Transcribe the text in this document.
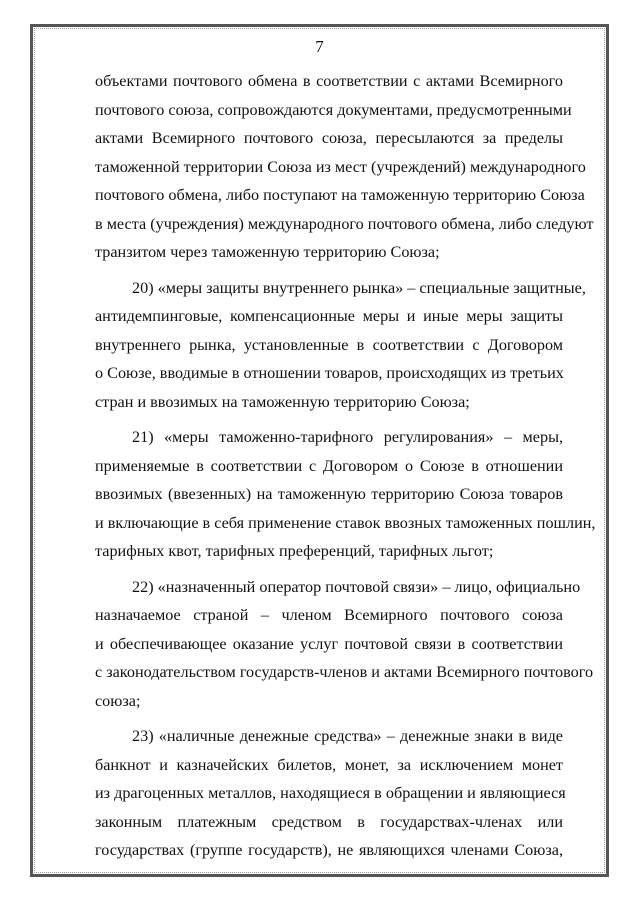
7
объектами почтового обмена в соответствии с актами Всемирного
почтового союза, сопровождаются документами, предусмотренными
актами Всемирного почтового союза, пересылаются за пределы
таможенной территории Союза из мест (учреждений) международного
почтового обмена, либо поступают на таможенную территорию Союза
в места (учреждения) международного почтового обмена, либо следуют
транзитом через таможенную территорию Союза;
20) «меры защиты внутреннего рынка» – специальные защитные,
антидемпинговые, компенсационные меры и иные меры защиты
внутреннего рынка, установленные в соответствии с Договором
о Союзе, вводимые в отношении товаров, происходящих из третьих
стран и ввозимых на таможенную территорию Союза;
21) «меры таможенно-тарифного регулирования» – меры,
применяемые в соответствии с Договором о Союзе в отношении
ввозимых (ввезенных) на таможенную территорию Союза товаров
и включающие в себя применение ставок ввозных таможенных пошлин,
тарифных квот, тарифных преференций, тарифных льгот;
22) «назначенный оператор почтовой связи» – лицо, официально
назначаемое страной – членом Всемирного почтового союза
и обеспечивающее оказание услуг почтовой связи в соответствии
с законодательством государств-членов и актами Всемирного почтового
союза;
23) «наличные денежные средства» – денежные знаки в виде
банкнот и казначейских билетов, монет, за исключением монет
из драгоценных металлов, находящиеся в обращении и являющиеся
законным платежным средством в государствах-членах или
государствах (группе государств), не являющихся членами Союза,
